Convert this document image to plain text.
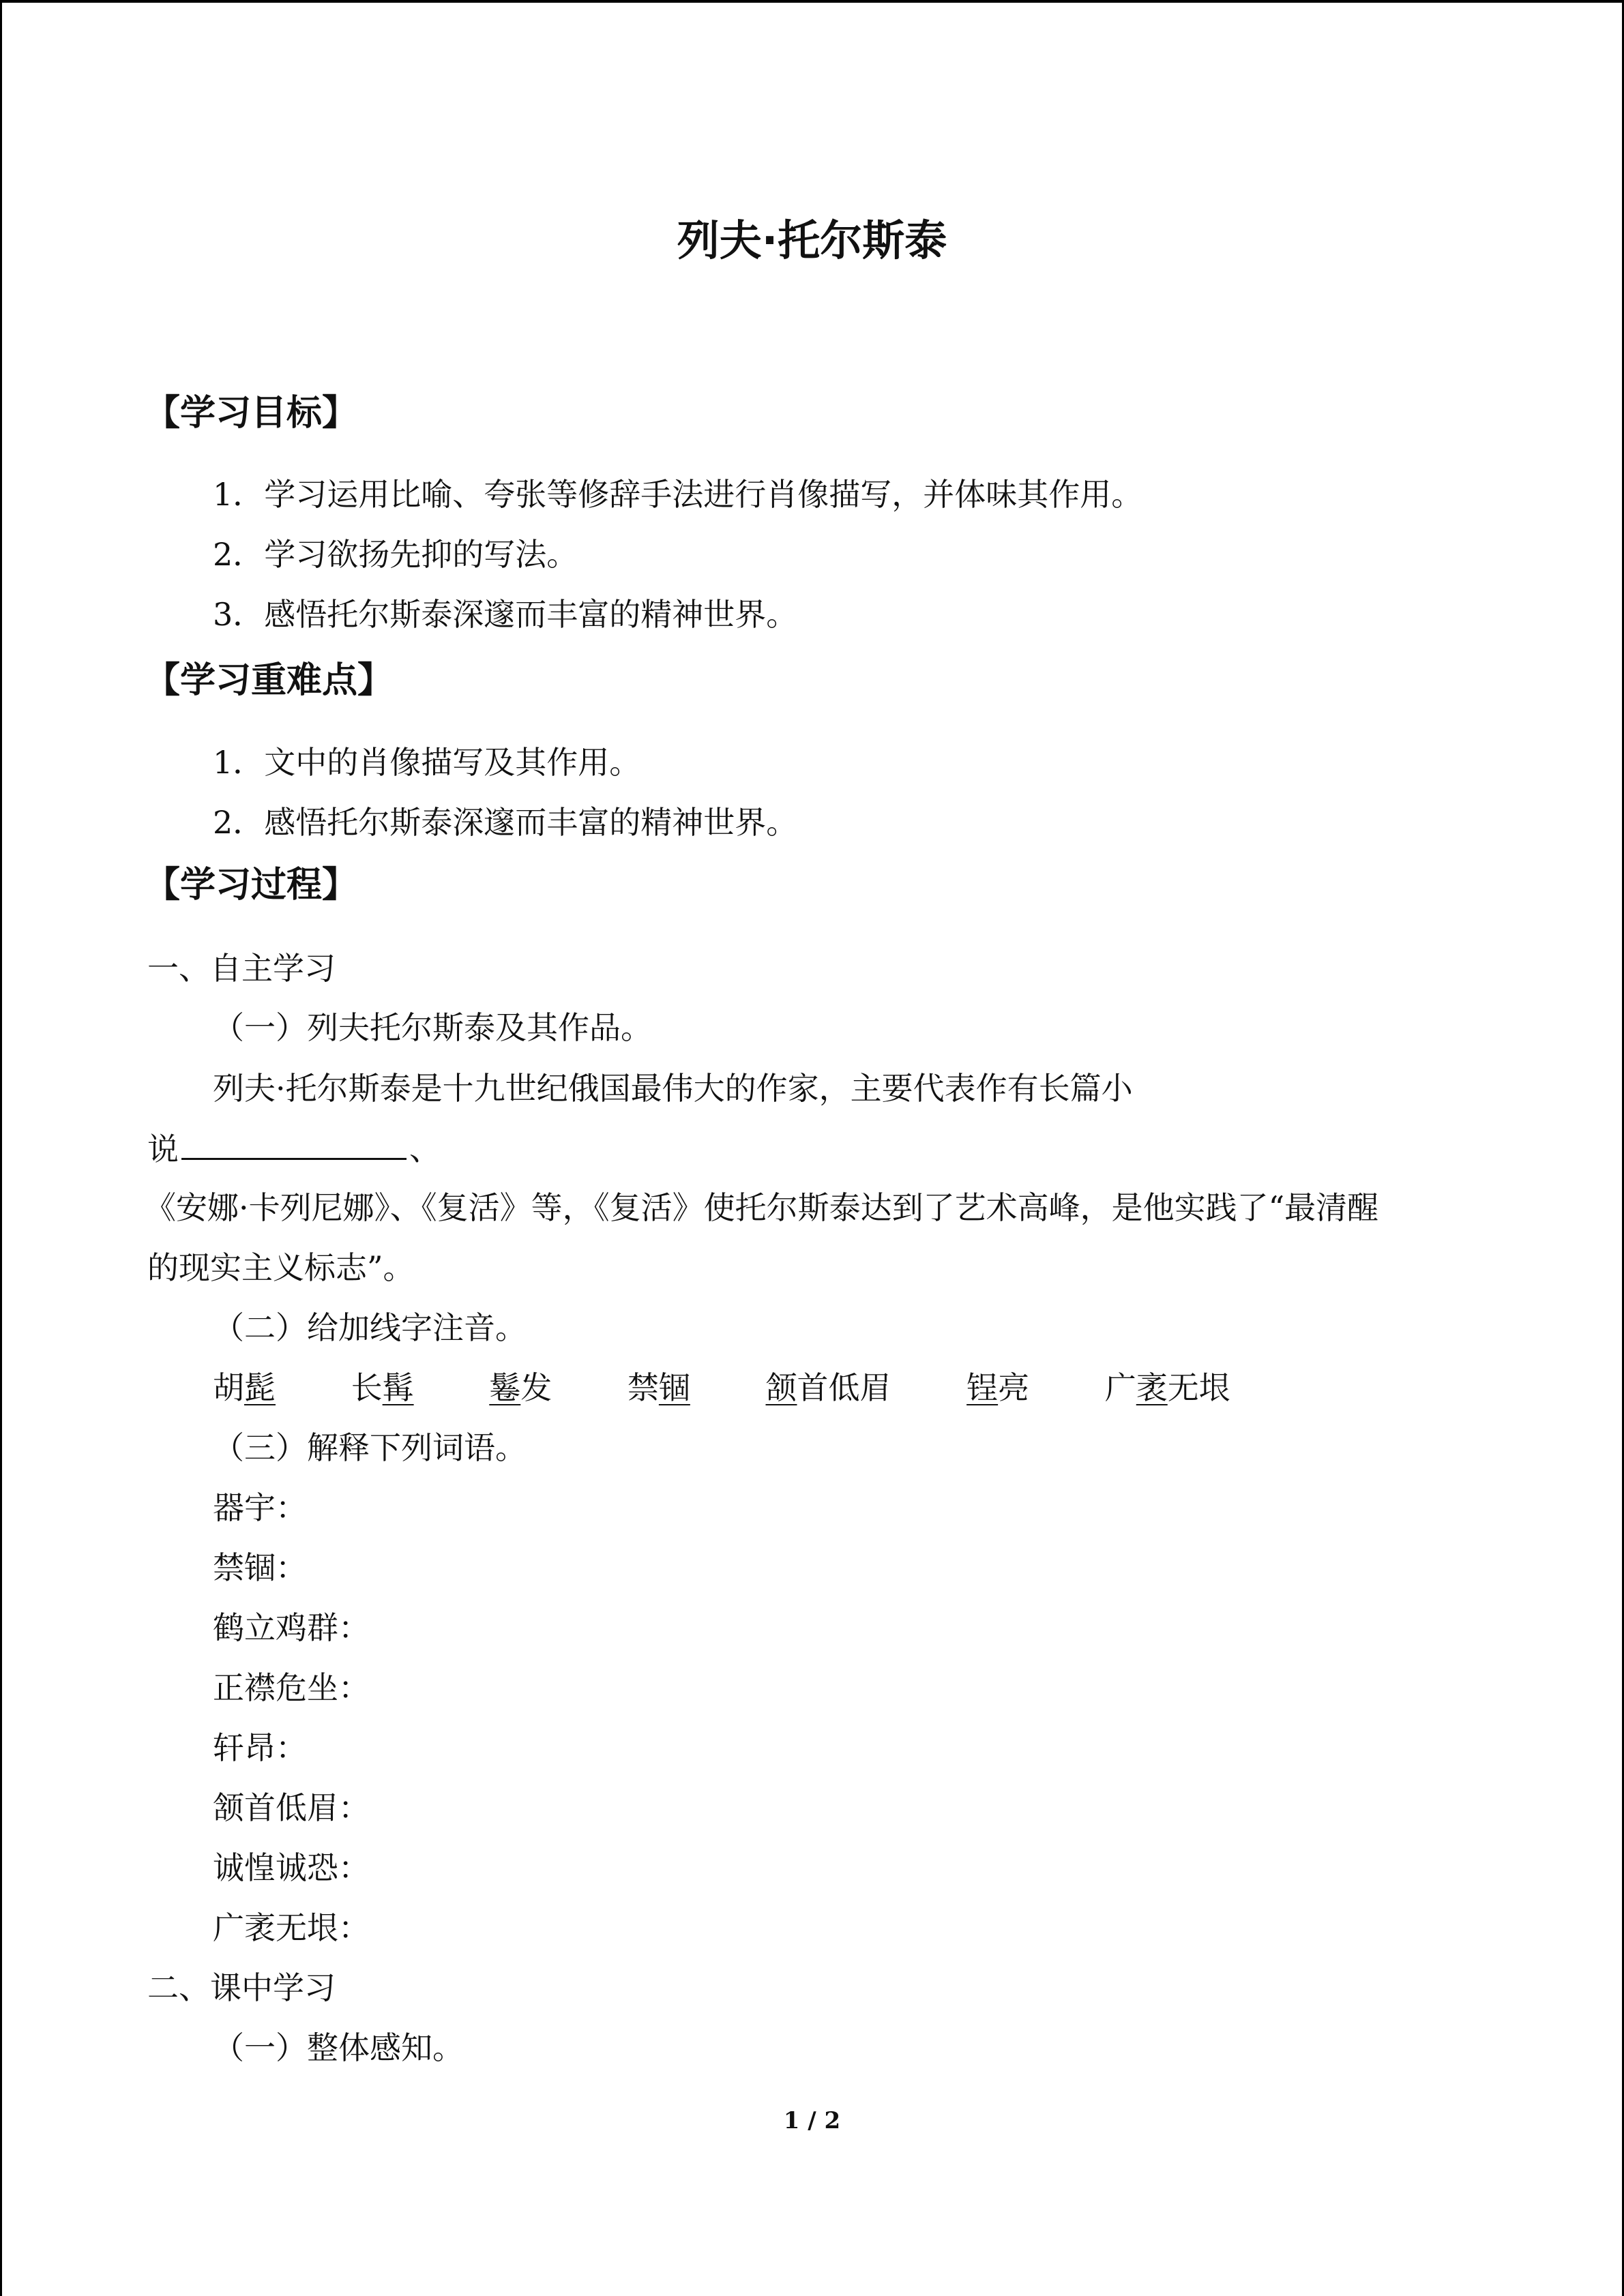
列夫·托尔斯泰
【学习目标】
1．学习运用比喻、夸张等修辞手法进行肖像描写，并体味其作用。
2．学习欲扬先抑的写法。
3．感悟托尔斯泰深邃而丰富的精神世界。
【学习重难点】
1．文中的肖像描写及其作用。
2．感悟托尔斯泰深邃而丰富的精神世界。
【学习过程】
一、自主学习
（一）列夫托尔斯泰及其作品。
列夫·托尔斯泰是十九世纪俄国最伟大的作家，主要代表作有长篇小
说	、
《安娜·卡列尼娜》、《复活》等，《复活》使托尔斯泰达到了艺术高峰，是他实践了“最清醒
的现实主义标志”。
（二）给加线字注音。
胡髭 长髯 鬈发 禁锢 颔首低眉 锃亮 广袤无垠
（三）解释下列词语。
器宇：
禁锢：
鹤立鸡群：
正襟危坐：
轩昂：
颔首低眉：
诚惶诚恐：
广袤无垠：
二、课中学习
（一）整体感知。
1 / 2
